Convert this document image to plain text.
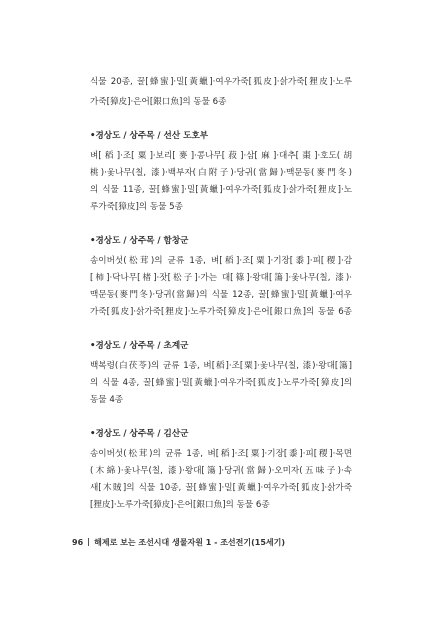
식물 20종, 꿀[蜂蜜]·밀[黃蠟]·여우가죽[狐皮]·삵가죽[狸皮]·노루
가죽[獐皮]·은어[銀口魚]의 동물 6종
•경상도 / 상주목 / 선산 도호부
벼[稻]·조[粟]·보리[麥]·콩나무[菽]·삼[麻]·대추[棗]·호도(胡
桃)·옻나무(칠, 漆)·백부자(白附子)·당귀(當歸)·맥문동(麥門冬)
의 식물 11종, 꿀[蜂蜜]·밀[黃蠟]·여우가죽[狐皮]·삵가죽[狸皮]·노
루가죽[獐皮]의 동물 5종
•경상도 / 상주목 / 함창군
송이버섯(松茸)의 균류 1종, 벼[稻]·조[粟]·기장[黍]·피[稷]·감
[柿]·닥나무[楮]·잣[松子]·가는 대[篠]·왕대[簜]·옻나무(칠, 漆)·
맥문동(麥門冬)·당귀(當歸)의 식물 12종, 꿀[蜂蜜]·밀[黃蠟]·여우
가죽[狐皮]·삵가죽[狸皮]·노루가죽[獐皮]·은어[銀口魚]의 동물 6종
•경상도 / 상주목 / 초계군
백복령(白茯苓)의 균류 1종, 벼[稻]·조[粟]·옻나무(칠, 漆)·왕대[簜]
의 식물 4종, 꿀[蜂蜜]·밀[黃蠟]·여우가죽[狐皮]·노루가죽[獐皮]의
동물 4종
•경상도 / 상주목 / 김산군
송이버섯(松茸)의 균류 1종, 벼[稻]·조[粟]·기장[黍]·피[稷]·목면
(木綿)·옻나무(칠, 漆)·왕대[簜]·당귀(當歸)·오미자(五味子)·속
새[木賊]의 식물 10종, 꿀[蜂蜜]·밀[黃蠟]·여우가죽[狐皮]·삵가죽
[狸皮]·노루가죽[獐皮]·은어[銀口魚]의 동물 6종
96 해제로 보는 조선시대 생물자원 1 - 조선전기(15세기)
